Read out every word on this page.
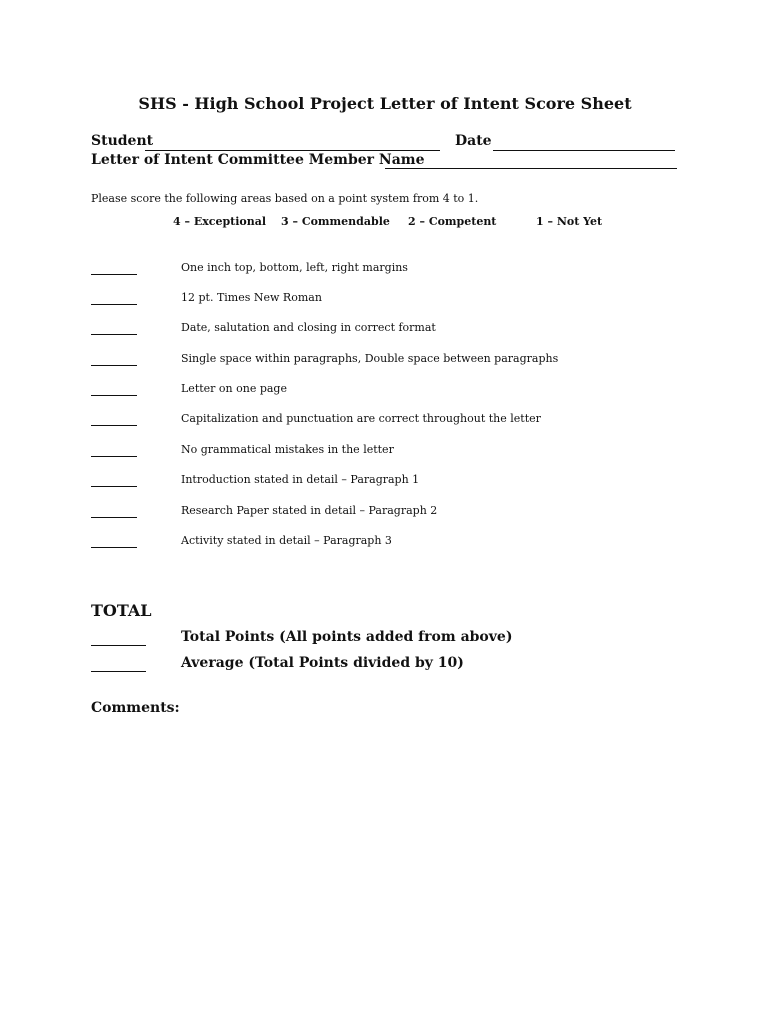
SHS - High School Project Letter of Intent Score Sheet
Student	Date
Letter of Intent Committee Member Name
Please score the following areas based on a point system from 4 to 1.
4 – Exceptional 3 – Commendable 2 – Competent	1 – Not Yet
One inch top, bottom, left, right margins
12 pt. Times New Roman
Date, salutation and closing in correct format
Single space within paragraphs, Double space between paragraphs
Letter on one page
Capitalization and punctuation are correct throughout the letter
No grammatical mistakes in the letter
Introduction stated in detail – Paragraph 1
Research Paper stated in detail – Paragraph 2
Activity stated in detail – Paragraph 3
TOTAL
Total Points (All points added from above)
Average (Total Points divided by 10)
Comments:
